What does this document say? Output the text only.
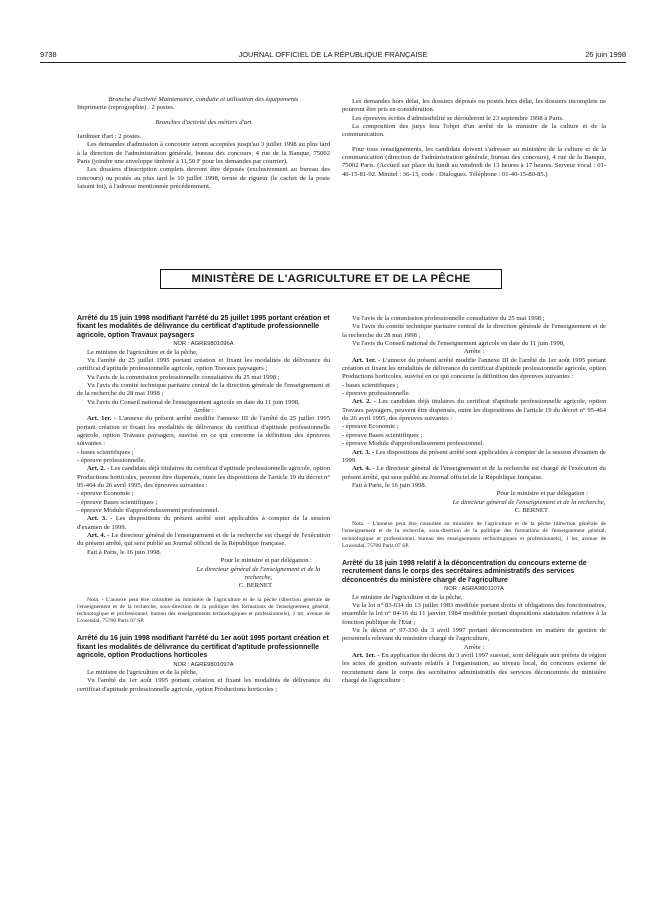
9738	JOURNAL OFFICIEL DE LA RÉPUBLIQUE FRANÇAISE	26 juin 1998

Branche d'activité Maintenance, conduite et utilisation des équipements

Imprimerie (reprographie) : 2 postes.

Branches d'activité des métiers d'art

Jardinier d'art : 2 postes.

Les demandes d'admission à concourir seront acceptées jusqu'au 3 juillet 1998 au plus tard à la direction de l'administration générale, bureau des concours, 4 rue de la Banque, 75002 Paris (joindre une enveloppe timbrée à 11,50 F pour les demandes par courrier).

Les dossiers d'inscription complets devront être déposés (exclusivement au bureau des concours) ou postés au plus tard le 10 juillet 1998, terme de rigueur (le cachet de la poste faisant foi), à l'adresse mentionnée précédemment.

Les demandes hors délai, les dossiers déposés ou postés hors délai, les dossiers incomplets ne pourront être pris en considération.

Les épreuves écrites d'admissibilité se dérouleront le 23 septembre 1998 à Paris.

La composition des jurys fera l'objet d'un arrêté de la ministre de la culture et de la communication.

Pour tous renseignements, les candidats doivent s'adresser au ministère de la culture et de la communication (direction de l'administration générale, bureau des concours), 4 rue de la Banque, 75002 Paris. (Accueil sur place du lundi au vendredi de 13 heures à 17 heures. Serveur vocal : 01-40-15-81-92. Minitel : 36-13, code : Dialogues. Téléphone : 01-40-15-80-85.)

MINISTÈRE DE L'AGRICULTURE ET DE LA PÊCHE

Arrêté du 15 juin 1998 modifiant l'arrêté du 25 juillet 1995 portant création et fixant les modalités de délivrance du certificat d'aptitude professionnelle agricole, option Travaux paysagers

NOR : AGRE9801096A

Le ministre de l'agriculture et de la pêche,

Vu l'arrêté du 25 juillet 1995 portant création et fixant les modalités de délivrance du certificat d'aptitude professionnelle agricole, option Travaux paysagers ;

Vu l'avis de la commission professionnelle consultative du 25 mai 1998 ;

Vu l'avis du comité technique paritaire central de la direction générale de l'enseignement et de la recherche du 28 mai 1998 ;

Vu l'avis du Conseil national de l'enseignement agricole en date du 11 juin 1998,

Arrête :

Art. 1er. - L'annexe du présent arrêté modifie l'annexe III de l'arrêté du 25 juillet 1995 portant création et fixant les modalités de délivrance du certificat d'aptitude professionnelle agricole, option Travaux paysagers, susvisé en ce qui concerne la définition des épreuves suivantes :

- bases scientifiques ;

- épreuve professionnelle.

Art. 2. - Les candidats déjà titulaires du certificat d'aptitude professionnelle agricole, option Productions horticoles, peuvent être dispensés, outre les dispositions de l'article 19 du décret n° 95-464 du 26 avril 1995, des épreuves suivantes :

- épreuve Economie ;

- épreuve Bases scientifiques ;

- épreuve Module d'approfondissement professionnel.

Art. 3. - Les dispositions du présent arrêté sont applicables à compter de la session d'examen de 1999.

Art. 4. - Le directeur général de l'enseignement et de la recherche est chargé de l'exécution du présent arrêté, qui sera publié au Journal officiel de la République française.

Fait à Paris, le 16 juin 1998.

Pour le ministre et par délégation :

Le directeur général de l'enseignement et de la recherche,

C. BERNET

Nota. - L'annexe peut être consultée au ministère de l'agriculture et de la pêche (direction générale de l'enseignement et de la recherche, sous-direction de la politique des formations de l'enseignement général, technologique et professionnel, bureau des enseignements technologiques et professionnels), 1 ter, avenue de Lowendal, 75700 Paris 07 SP.

Arrêté du 16 juin 1998 modifiant l'arrêté du 1er août 1995 portant création et fixant les modalités de délivrance du certificat d'aptitude professionnelle agricole, option Productions horticoles

NOR : AGRE9801097A

Le ministre de l'agriculture et de la pêche,

Vu l'arrêté du 1er août 1995 portant création et fixant les modalités de délivrance du certificat d'aptitude professionnelle agricole, option Productions horticoles ;

Vu l'avis de la commission professionnelle consultative du 25 mai 1998 ;

Vu l'avis du comité technique paritaire central de la direction générale de l'enseignement et de la recherche du 28 mai 1998 ;

Vu l'avis du Conseil national de l'enseignement agricole en date du 11 juin 1998,

Arrête :

Art. 1er. - L'annexe du présent arrêté modifie l'annexe III de l'arrêté du 1er août 1995 portant création et fixant les modalités de délivrance du certificat d'aptitude professionnelle agricole, option Productions horticoles, susvisé en ce qui concerne la définition des épreuves suivantes :

- bases scientifiques ;

- épreuve professionnelle.

Art. 2. - Les candidats déjà titulaires du certificat d'aptitude professionnelle agricole, option Travaux paysagers, peuvent être dispensés, outre les dispositions de l'article 19 du décret n° 95-464 du 26 avril 1995, des épreuves suivantes :

- épreuve Economie ;

- épreuve Bases scientifiques ;

- épreuve Module d'approfondissement professionnel.

Art. 3. - Les dispositions du présent arrêté sont applicables à compter de la session d'examen de 1999.

Art. 4. - Le directeur général de l'enseignement et de la recherche est chargé de l'exécution du présent arrêté, qui sera publié au Journal officiel de la République française.

Fait à Paris, le 16 juin 1998.

Pour le ministre et par délégation :

Le directeur général de l'enseignement et de la recherche,

C. BERNET

Nota. - L'annexe peut être consultée au ministère de l'agriculture et de la pêche (direction générale de l'enseignement et de la recherche, sous-direction de la politique des formations de l'enseignement général, technologique et professionnel, bureau des enseignements technologiques et professionnels), 1 ter, avenue de Lowendal, 75700 Paris 07 SP.

Arrêté du 18 juin 1998 relatif à la déconcentration du concours externe de recrutement dans le corps des secrétaires administratifs des services déconcentrés du ministère chargé de l'agriculture

NOR : AGRA9801107A

Le ministre de l'agriculture et de la pêche,

Vu la loi n° 83-634 du 13 juillet 1983 modifiée portant droits et obligations des fonctionnaires, ensemble la loi n° 84-16 du 11 janvier 1984 modifiée portant dispositions statutaires relatives à la fonction publique de l'Etat ;

Vu le décret n° 97-330 du 3 avril 1997 portant déconcentration en matière de gestion de personnels relevant du ministère chargé de l'agriculture,

Arrête :

Art. 1er. - En application du décret du 3 avril 1997 susvisé, sont délégués aux préfets de région les actes de gestion suivants relatifs à l'organisation, au niveau local, du concours externe de recrutement dans le corps des secrétaires administratifs des services déconcentrés du ministère chargé de l'agriculture :
